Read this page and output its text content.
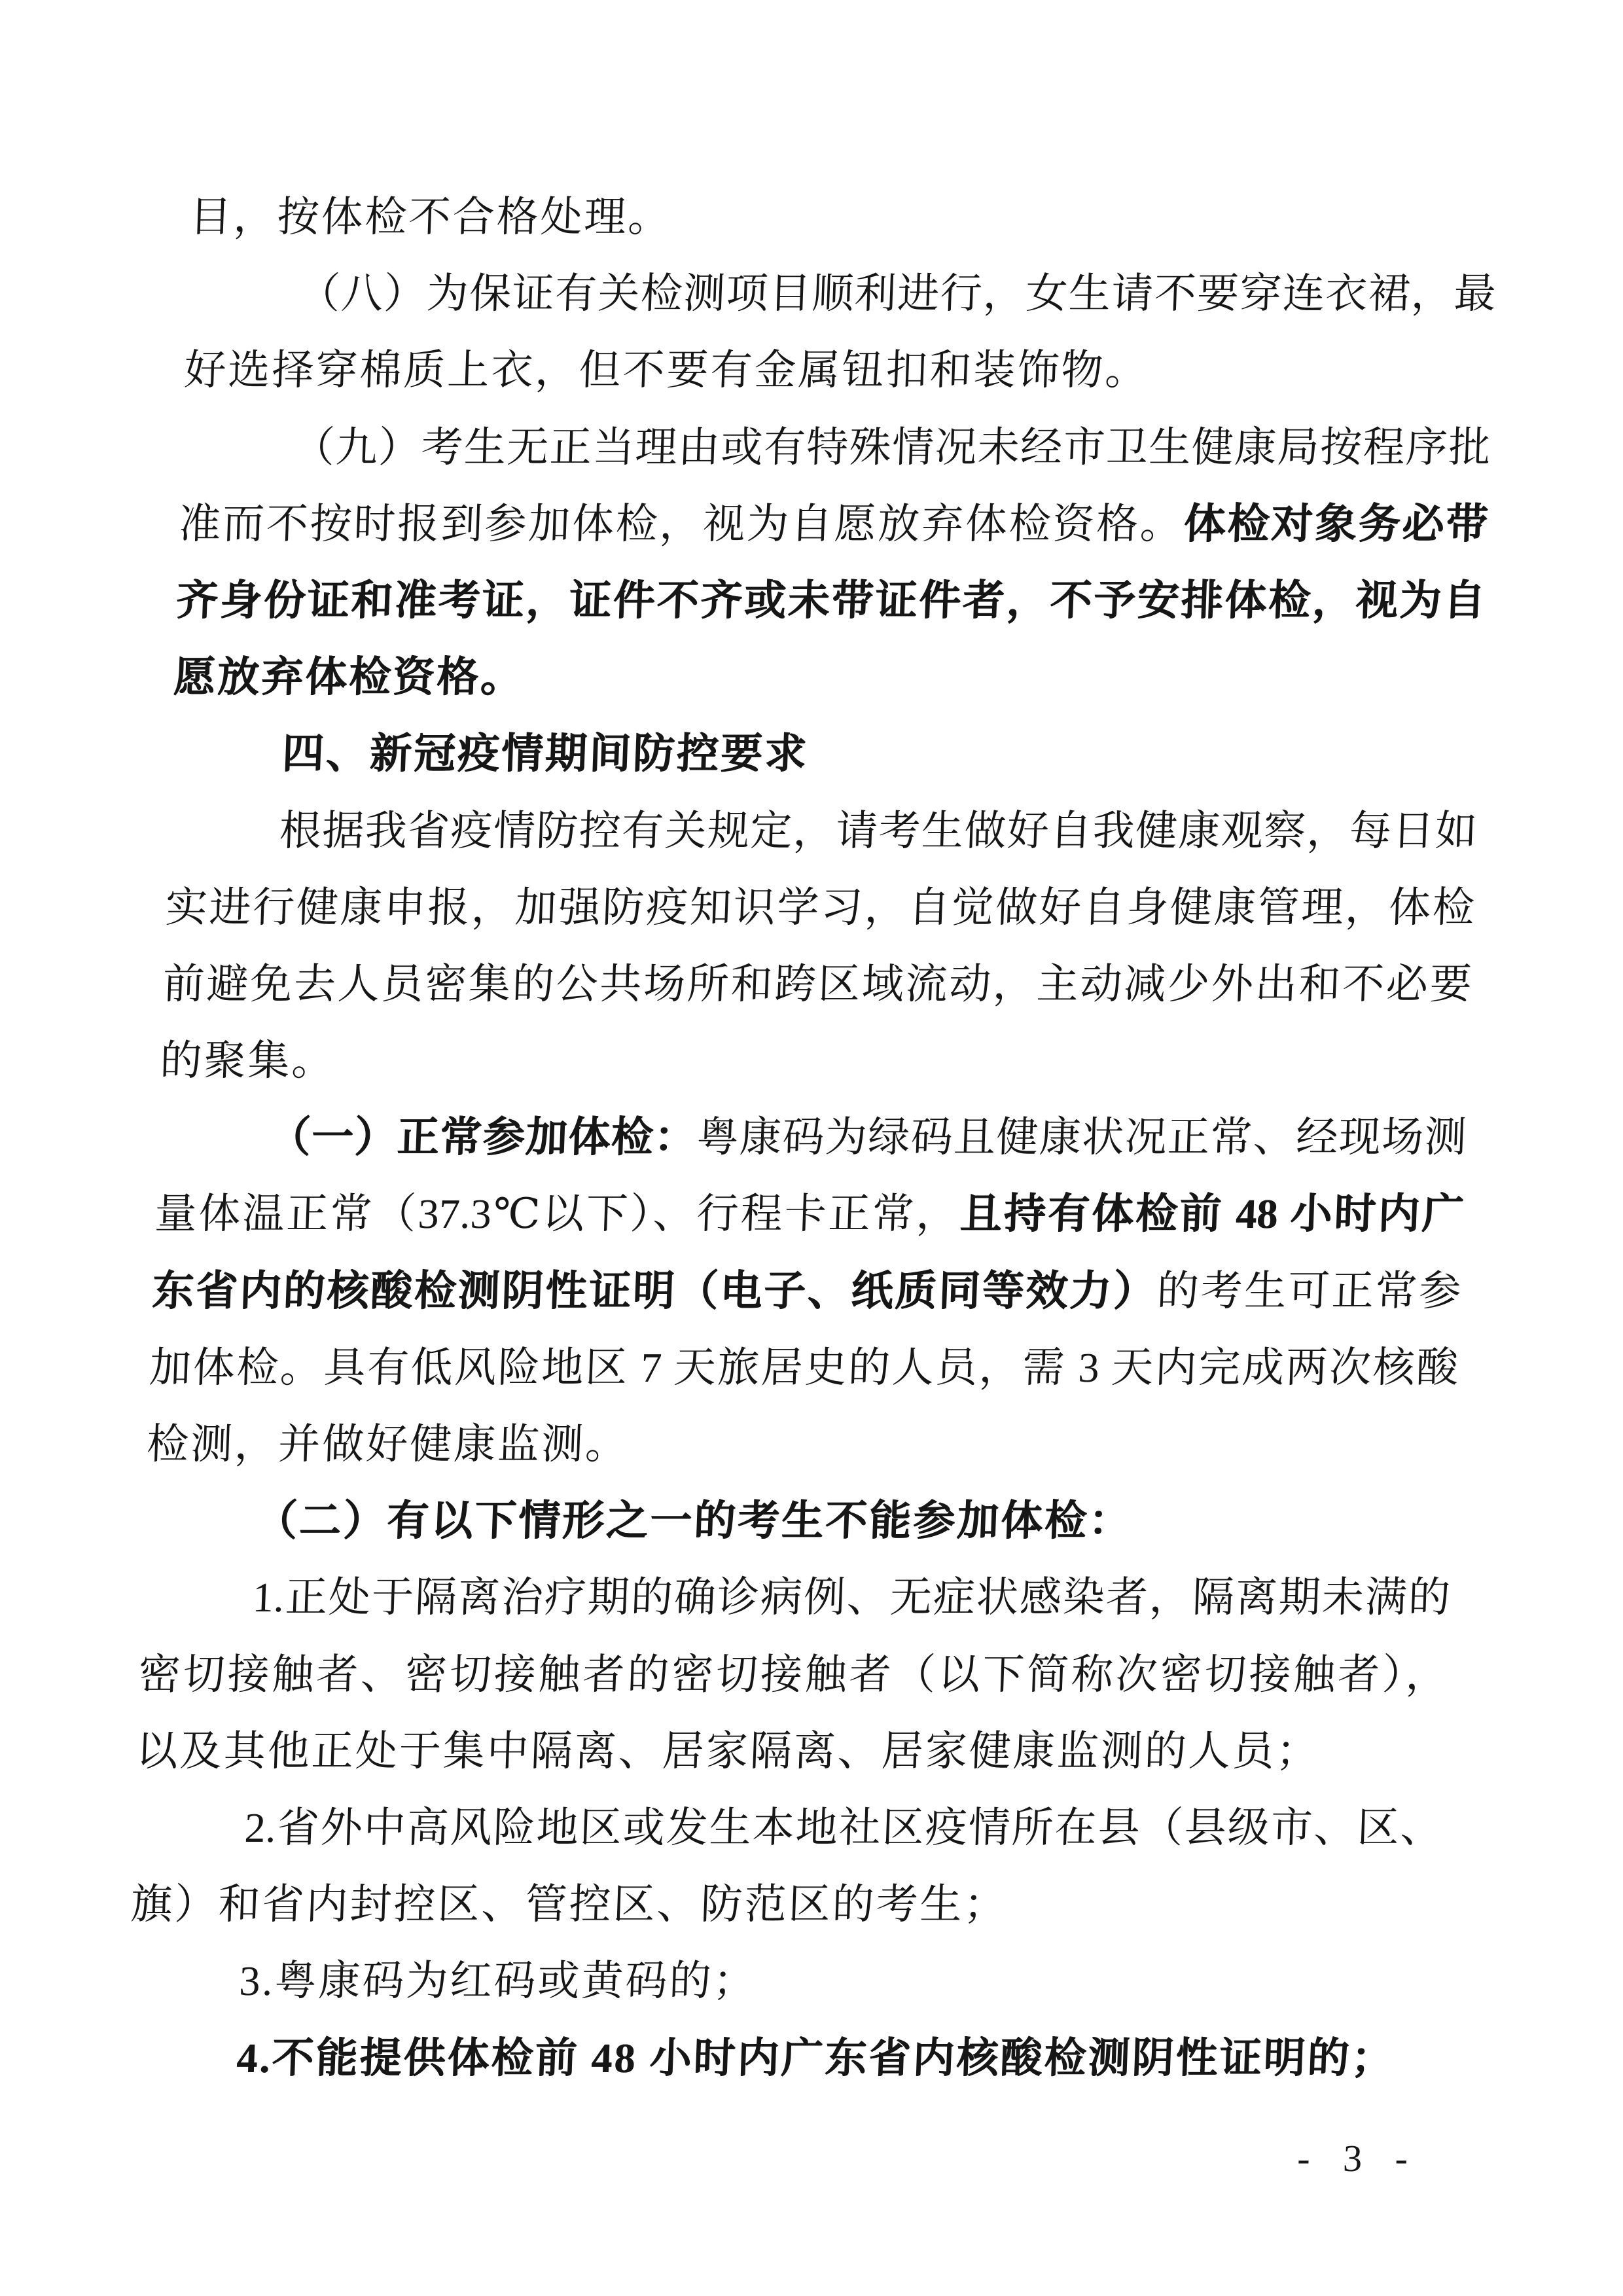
目，按体检不合格处理。
（八）为保证有关检测项目顺利进行，女生请不要穿连衣裙，最
好选择穿棉质上衣，但不要有金属钮扣和装饰物。
（九）考生无正当理由或有特殊情况未经市卫生健康局按程序批
准而不按时报到参加体检，视为自愿放弃体检资格。体检对象务必带
齐身份证和准考证，证件不齐或未带证件者，不予安排体检，视为自
愿放弃体检资格。
四、新冠疫情期间防控要求
根据我省疫情防控有关规定，请考生做好自我健康观察，每日如
实进行健康申报，加强防疫知识学习，自觉做好自身健康管理，体检
前避免去人员密集的公共场所和跨区域流动，主动减少外出和不必要
的聚集。
（一）正常参加体检：粤康码为绿码且健康状况正常、经现场测
量体温正常（37.3℃以下）、行程卡正常，且持有体检前 48 小时内广
东省内的核酸检测阴性证明（电子、纸质同等效力）的考生可正常参
加体检。具有低风险地区 7 天旅居史的人员，需 3 天内完成两次核酸
检测，并做好健康监测。
（二）有以下情形之一的考生不能参加体检：
1.正处于隔离治疗期的确诊病例、无症状感染者，隔离期未满的
密切接触者、密切接触者的密切接触者（以下简称次密切接触者），
以及其他正处于集中隔离、居家隔离、居家健康监测的人员；
2.省外中高风险地区或发生本地社区疫情所在县（县级市、区、
旗）和省内封控区、管控区、防范区的考生；
3.粤康码为红码或黄码的；
4.不能提供体检前 48 小时内广东省内核酸检测阴性证明的；
- 3 -
